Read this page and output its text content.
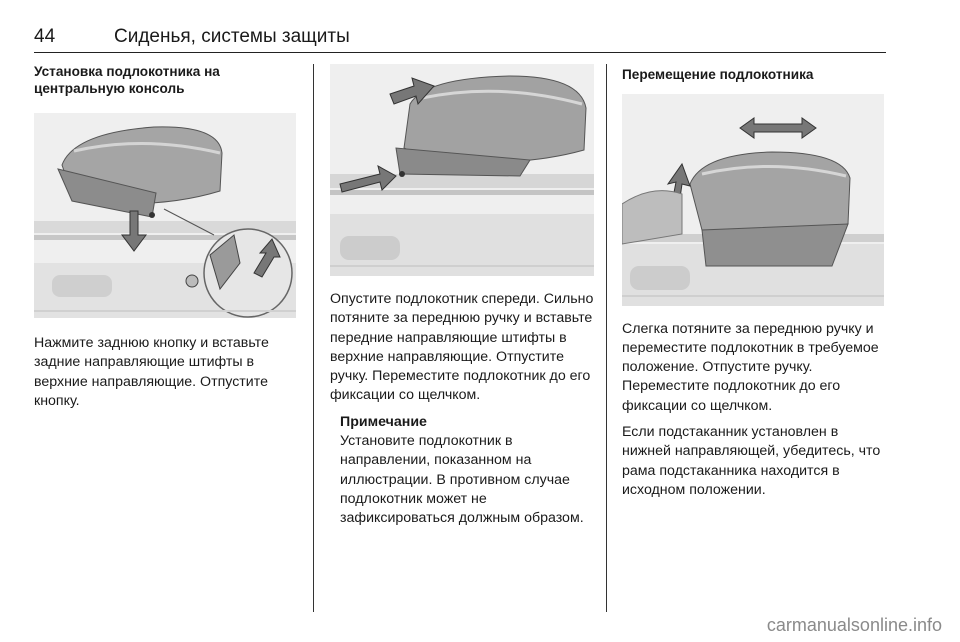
44	Сиденья, системы защиты
Установка подлокотника на центральную консоль

Нажмите заднюю кнопку и вставьте задние направляющие штифты в верхние направляющие. Отпустите кнопку.

Опустите подлокотник спереди. Сильно потяните за переднюю ручку и вставьте передние направляющие штифты в верхние направляющие. Отпустите ручку. Переместите подлокотник до его фиксации со щелчком.

Примечание

Установите подлокотник в направлении, показанном на иллюстрации. В противном случае подлокотник может не зафиксироваться должным образом.

Перемещение подлокотника

Слегка потяните за переднюю ручку и переместите подлокотник в требуемое положение. Отпустите ручку. Переместите подлокотник до его фиксации со щелчком.

Если подстаканник установлен в нижней направляющей, убедитесь, что рама подстаканника находится в исходном положении.

carmanualsonline.info
